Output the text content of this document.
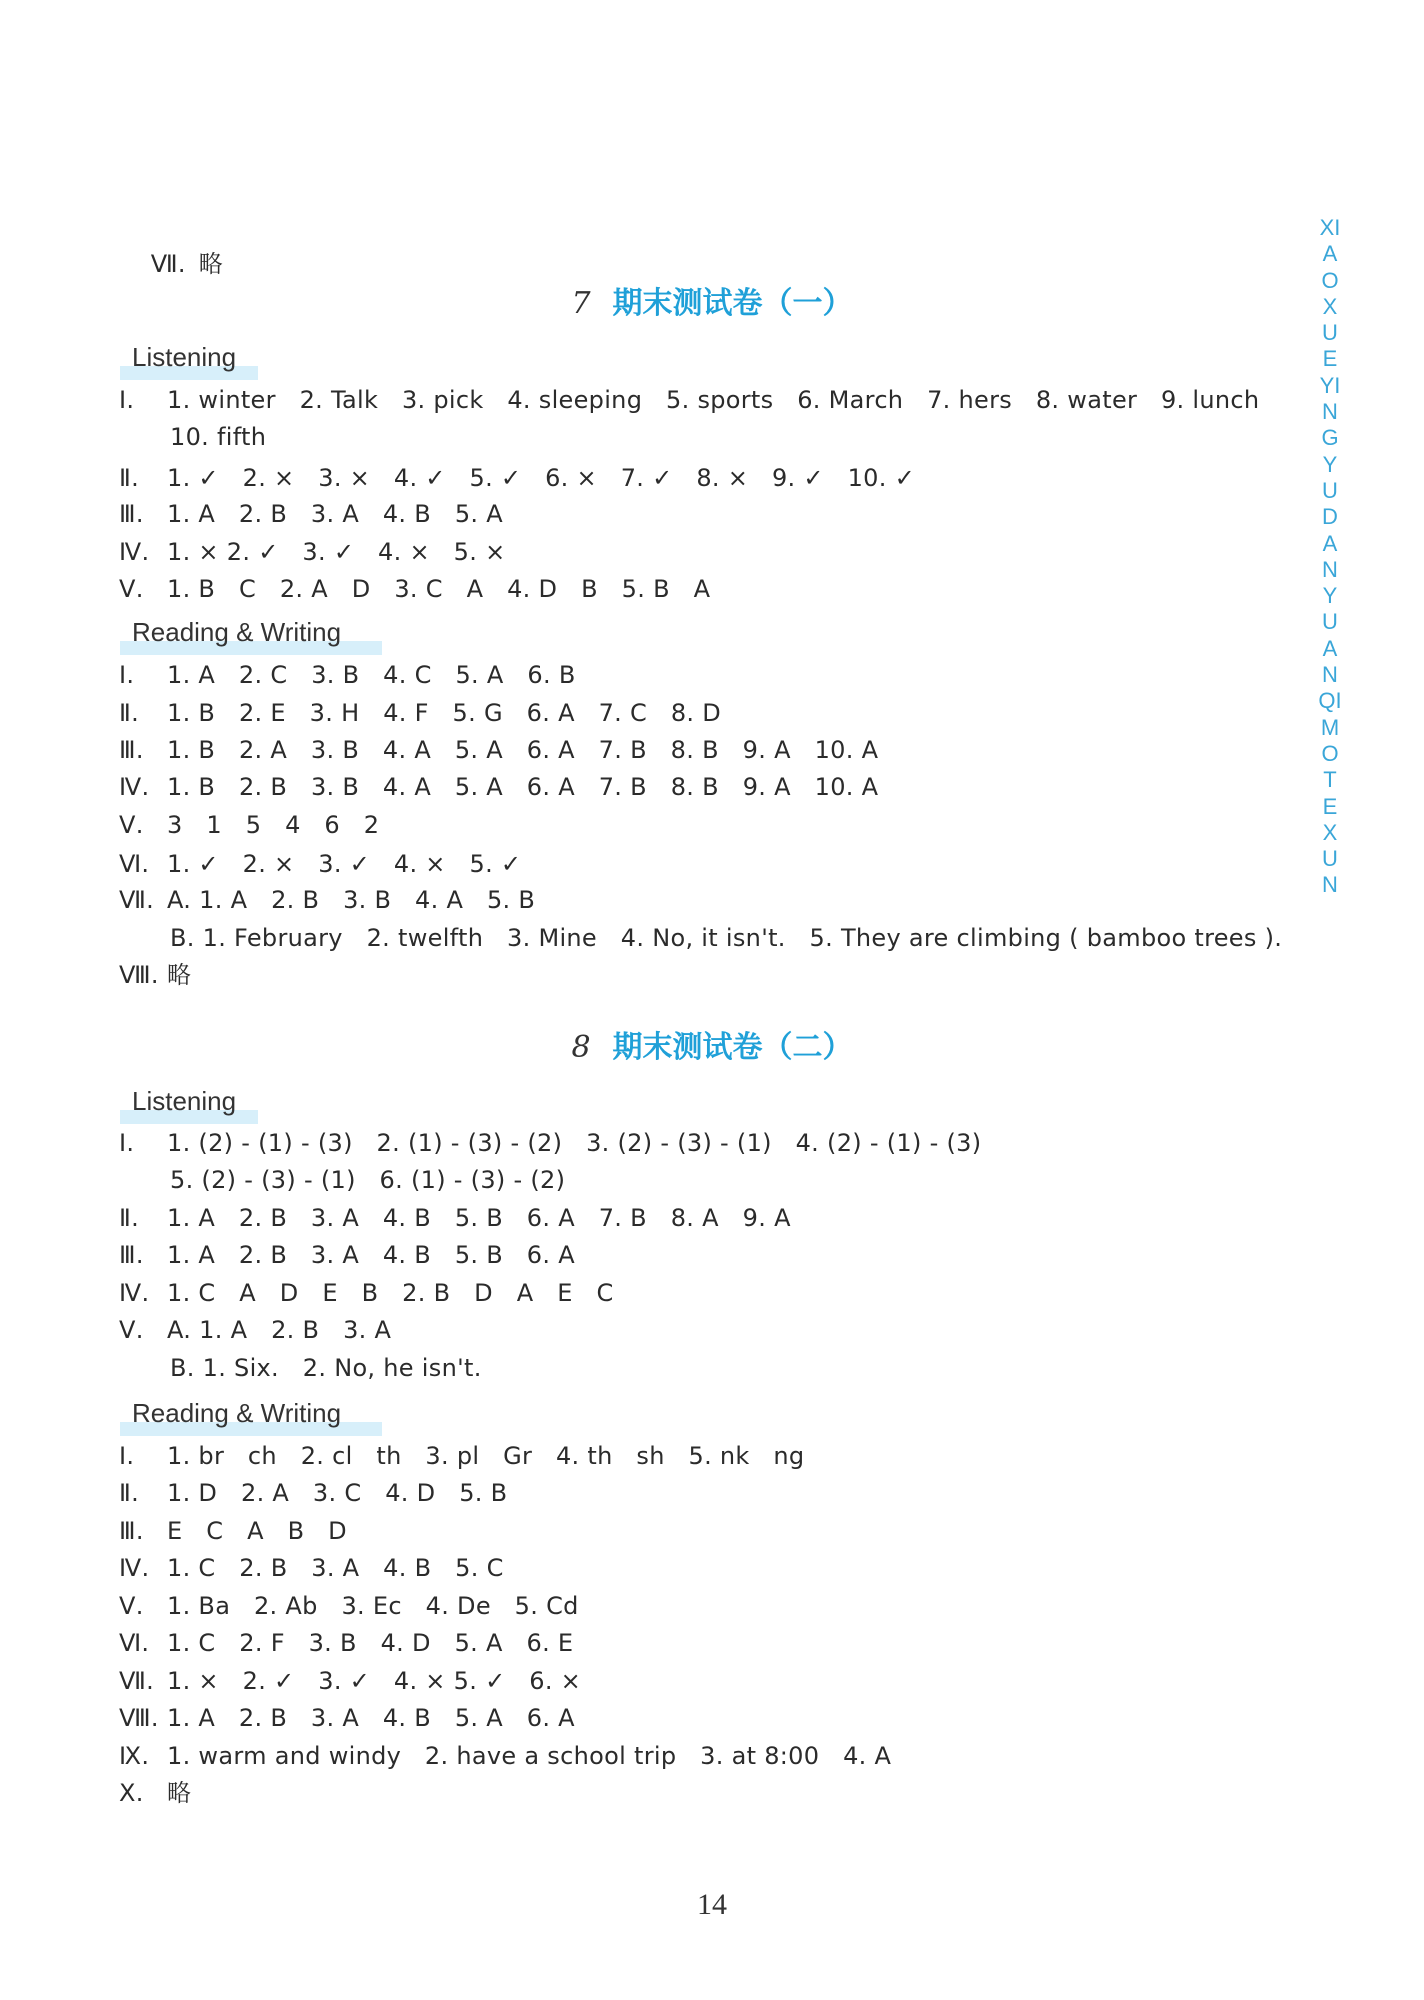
Ⅶ. 略

7 期末测试卷（一）
Listening
Ⅰ. 1. winter   2. Talk   3. pick   4. sleeping   5. sports   6. March   7. hers   8. water   9. lunch
10. fifth
Ⅱ. 1. ✓   2. ×   3. ×   4. ✓   5. ✓   6. ×   7. ✓   8. ×   9. ✓   10. ✓
Ⅲ. 1. A   2. B   3. A   4. B   5. A
Ⅳ. 1. × 2. ✓   3. ✓   4. ×   5. ×
Ⅴ. 1. B   C   2. A   D   3. C   A   4. D   B   5. B   A
Reading & Writing
Ⅰ. 1. A   2. C   3. B   4. C   5. A   6. B
Ⅱ. 1. B   2. E   3. H   4. F   5. G   6. A   7. C   8. D
Ⅲ. 1. B   2. A   3. B   4. A   5. A   6. A   7. B   8. B   9. A   10. A
Ⅳ. 1. B   2. B   3. B   4. A   5. A   6. A   7. B   8. B   9. A   10. A
Ⅴ. 3   1   5   4   6   2
Ⅵ. 1. ✓   2. ×   3. ✓   4. ×   5. ✓
Ⅶ. A. 1. A   2. B   3. B   4. A   5. B
B. 1. February   2. twelfth   3. Mine   4. No, it isn't.   5. They are climbing ( bamboo trees ).
Ⅷ. 略
8 期末测试卷（二）
Listening
Ⅰ. 1. (2) - (1) - (3)   2. (1) - (3) - (2)   3. (2) - (3) - (1)   4. (2) - (1) - (3)
5. (2) - (3) - (1)   6. (1) - (3) - (2)
Ⅱ. 1. A   2. B   3. A   4. B   5. B   6. A   7. B   8. A   9. A
Ⅲ. 1. A   2. B   3. A   4. B   5. B   6. A
Ⅳ. 1. C   A   D   E   B   2. B   D   A   E   C
Ⅴ. A. 1. A   2. B   3. A
B. 1. Six.   2. No, he isn't.
Reading & Writing
Ⅰ. 1. br   ch   2. cl   th   3. pl   Gr   4. th   sh   5. nk   ng
Ⅱ. 1. D   2. A   3. C   4. D   5. B
Ⅲ. E   C   A   B   D
Ⅳ. 1. C   2. B   3. A   4. B   5. C
Ⅴ. 1. Ba   2. Ab   3. Ec   4. De   5. Cd
Ⅵ. 1. C   2. F   3. B   4. D   5. A   6. E
Ⅶ. 1. ×   2. ✓   3. ✓   4. × 5. ✓   6. ×
Ⅷ. 1. A   2. B   3. A   4. B   5. A   6. A
Ⅸ. 1. warm and windy   2. have a school trip   3. at 8:00   4. A
Ⅹ. 略
XIAOXUEYINGYUDANYUANQIMOTEXUN
14
